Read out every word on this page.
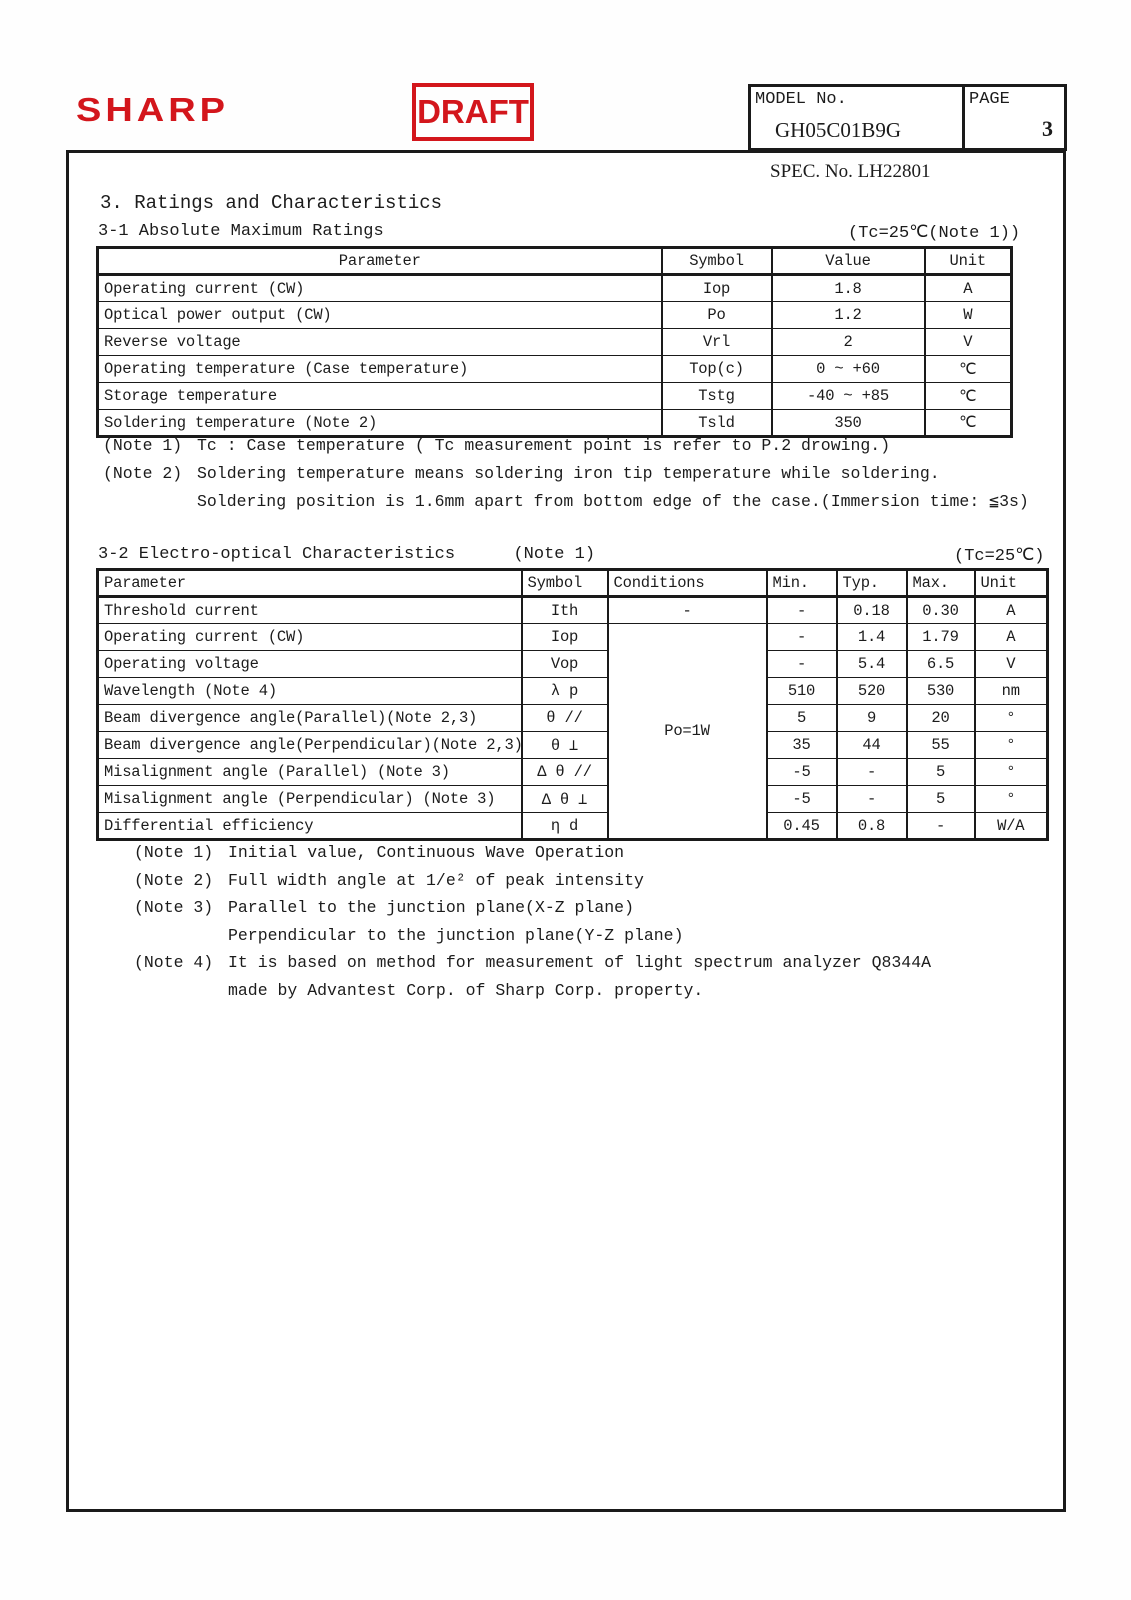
SHARP	DRAFT	MODEL No.
GH05C01B9G
PAGE
3
SPEC. No. LH22801
3. Ratings and Characteristics
3-1 Absolute Maximum Ratings	(Tc=25℃(Note 1))
Parameter	Symbol	Value	Unit
Operating current (CW)	Iop	1.8	A
Optical power output (CW)	Po	1.2	W
Reverse voltage	Vrl	2	V
Operating temperature (Case temperature)	Top(c)	0 ~ +60	℃
Storage temperature	Tstg	-40 ~ +85	℃
Soldering temperature (Note 2)	Tsld	350	℃
(Note 1) Tc : Case temperature ( Tc measurement point is refer to P.2 drowing.)
(Note 2) Soldering temperature means soldering iron tip temperature while soldering.
Soldering position is 1.6mm apart from bottom edge of the case.(Immersion time: ≦3s)
3-2 Electro-optical Characteristics	(Note 1)	(Tc=25℃)
Parameter	Symbol	Conditions	Min.	Typ.	Max.	Unit
Threshold current	Ith	-	-	0.18	0.30	A
Operating current (CW)	Iop	Po=1W	-	1.4	1.79	A
Operating voltage	Vop		-	5.4	6.5	V
Wavelength (Note 4)	λ p		510	520	530	nm
Beam divergence angle(Parallel)(Note 2,3)	θ //		5	9	20	°
Beam divergence angle(Perpendicular)(Note 2,3)	θ ⊥		35	44	55	°
Misalignment angle (Parallel) (Note 3)	Δ θ //		-5	-	5	°
Misalignment angle (Perpendicular) (Note 3)	Δ θ ⊥		-5	-	5	°
Differential efficiency	η d		0.45	0.8	-	W/A
(Note 1) Initial value, Continuous Wave Operation
(Note 2) Full width angle at 1/e² of peak intensity
(Note 3) Parallel to the junction plane(X-Z plane)
Perpendicular to the junction plane(Y-Z plane)
(Note 4) It is based on method for measurement of light spectrum analyzer Q8344A
made by Advantest Corp. of Sharp Corp. property.
